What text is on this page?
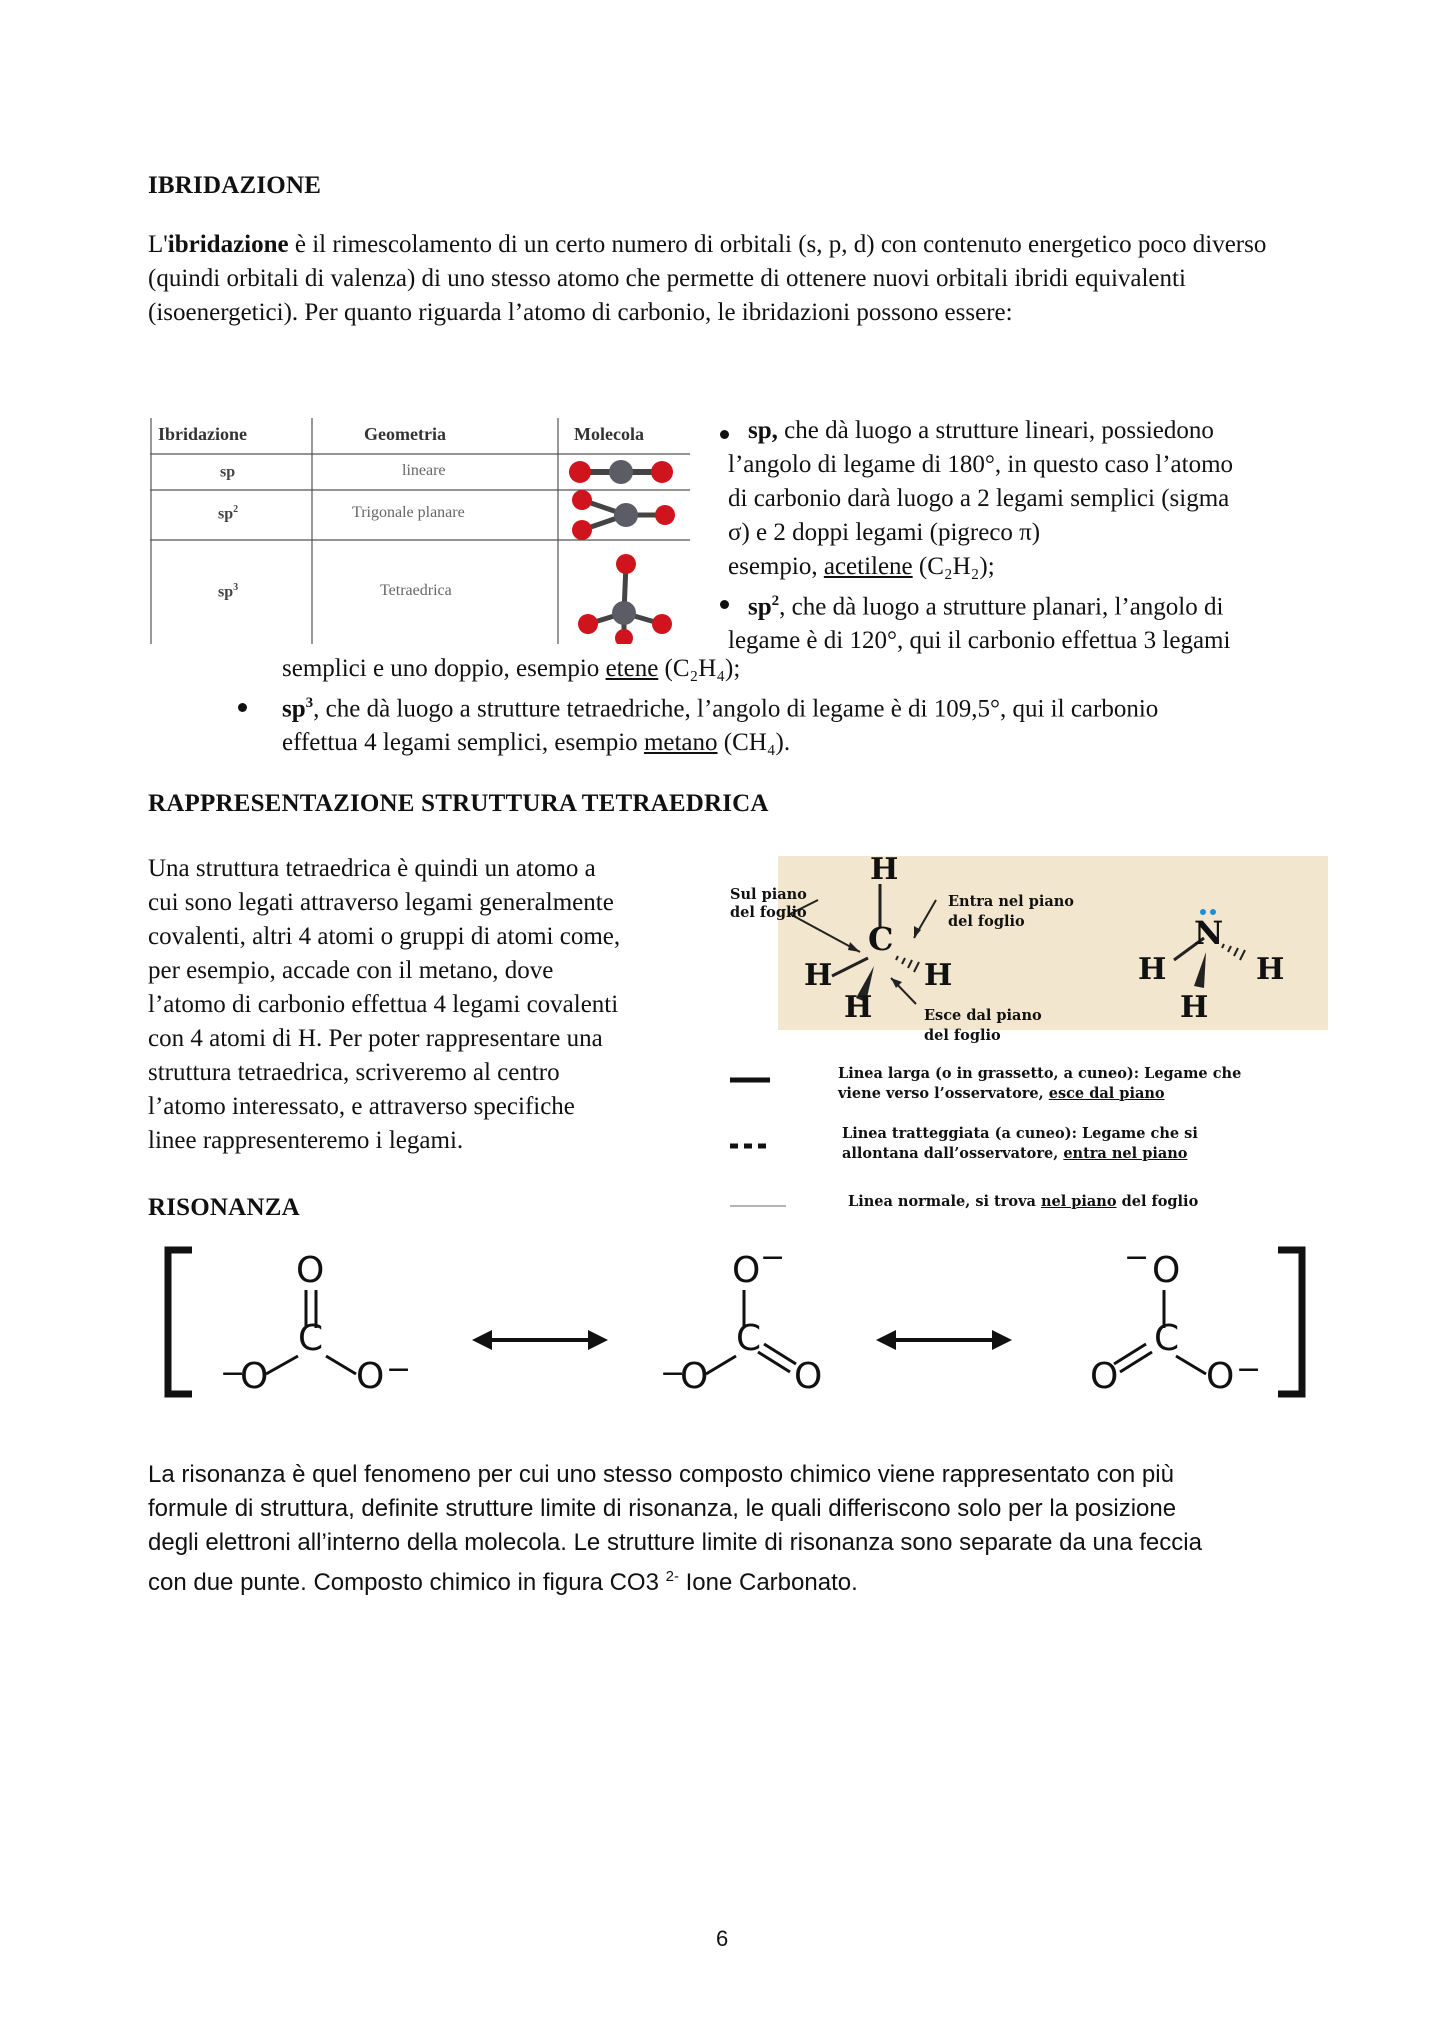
IBRIDAZIONE
L'ibridazione è il rimescolamento di un certo numero di orbitali (s, p, d) con contenuto energetico poco diverso (quindi orbitali di valenza) di uno stesso atomo che permette di ottenere nuovi orbitali ibridi equivalenti (isoenergetici). Per quanto riguarda l’atomo di carbonio, le ibridazioni possono essere:
Ibridazione	Geometria	Molecola
sp	lineare
$sp^2$	Trigonale planare
$sp^3$	Tetraedrica
sp, che dà luogo a strutture lineari, possiedono
l’angolo di legame di 180°, in questo caso l’atomo
di carbonio darà luogo a 2 legami semplici (sigma
σ) e 2 doppi legami (pigreco π)
esempio, acetilene (C₂H₂);
$sp^2$, che dà luogo a strutture planari, l’angolo di
legame è di 120°, qui il carbonio effettua 3 legami
semplici e uno doppio, esempio etene (C₂H₄);
$sp^3$, che dà luogo a strutture tetraedriche, l’angolo di legame è di 109,5°, qui il carbonio
effettua 4 legami semplici, esempio metano (CH₄).
RAPPRESENTAZIONE STRUTTURA TETRAEDRICA
Una struttura tetraedrica è quindi un atomo a
cui sono legati attraverso legami generalmente
covalenti, altri 4 atomi o gruppi di atomi come,
per esempio, accade con il metano, dove
l’atomo di carbonio effettua 4 legami covalenti
con 4 atomi di H. Per poter rappresentare una
struttura tetraedrica, scriveremo al centro
l’atomo interessato, e attraverso specifiche
linee rappresenteremo i legami.
H
C
H	H
H
Sul piano
del foglio
Entra nel piano
del foglio
Esce dal piano
del foglio
N
H	H
H
Linea larga (o in grassetto, a cuneo): Legame che
viene verso l’osservatore, esce dal piano
Linea tratteggiata (a cuneo): Legame che si
allontana dall’osservatore, entra nel piano
Linea normale, si trova nel piano del foglio
RISONANZA
O
C
−
O O −
O −
C
−
O O
O
−
C
O O −
La risonanza è quel fenomeno per cui uno stesso composto chimico viene rappresentato con più
formule di struttura, definite strutture limite di risonanza, le quali differiscono solo per la posizione
degli elettroni all’interno della molecola. Le strutture limite di risonanza sono separate da una feccia
con due punte. Composto chimico in figura CO3 $^{2-}$ Ione Carbonato.
6
